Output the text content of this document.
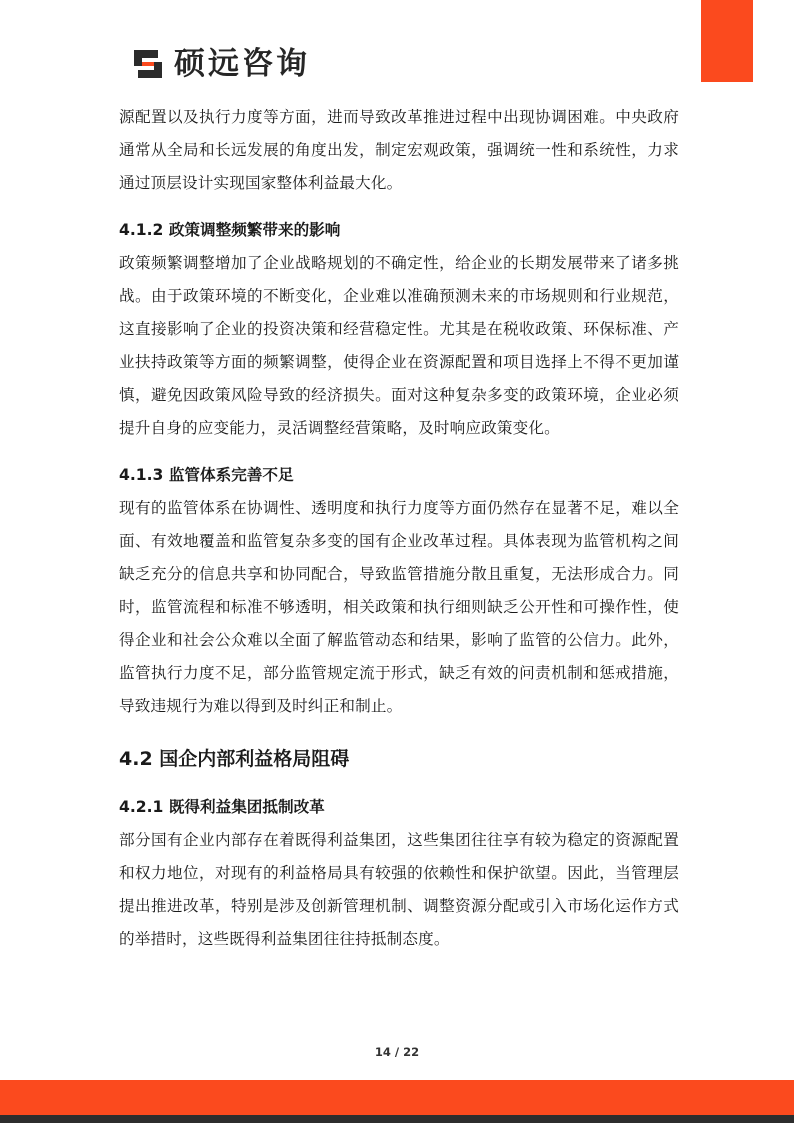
硕远咨询

源配置以及执行力度等方面，进而导致改革推进过程中出现协调困难。中央政府通常从全局和长远发展的角度出发，制定宏观政策，强调统一性和系统性，力求通过顶层设计实现国家整体利益最大化。

4.1.2 政策调整频繁带来的影响

政策频繁调整增加了企业战略规划的不确定性，给企业的长期发展带来了诸多挑战。由于政策环境的不断变化，企业难以准确预测未来的市场规则和行业规范，这直接影响了企业的投资决策和经营稳定性。尤其是在税收政策、环保标准、产业扶持政策等方面的频繁调整，使得企业在资源配置和项目选择上不得不更加谨慎，避免因政策风险导致的经济损失。面对这种复杂多变的政策环境，企业必须提升自身的应变能力，灵活调整经营策略，及时响应政策变化。

4.1.3 监管体系完善不足

现有的监管体系在协调性、透明度和执行力度等方面仍然存在显著不足，难以全面、有效地覆盖和监管复杂多变的国有企业改革过程。具体表现为监管机构之间缺乏充分的信息共享和协同配合，导致监管措施分散且重复，无法形成合力。同时，监管流程和标准不够透明，相关政策和执行细则缺乏公开性和可操作性，使得企业和社会公众难以全面了解监管动态和结果，影响了监管的公信力。此外，监管执行力度不足，部分监管规定流于形式，缺乏有效的问责机制和惩戒措施，导致违规行为难以得到及时纠正和制止。

4.2 国企内部利益格局阻碍
4.2.1 既得利益集团抵制改革

部分国有企业内部存在着既得利益集团，这些集团往往享有较为稳定的资源配置和权力地位，对现有的利益格局具有较强的依赖性和保护欲望。因此，当管理层提出推进改革，特别是涉及创新管理机制、调整资源分配或引入市场化运作方式的举措时，这些既得利益集团往往持抵制态度。

14 / 22
